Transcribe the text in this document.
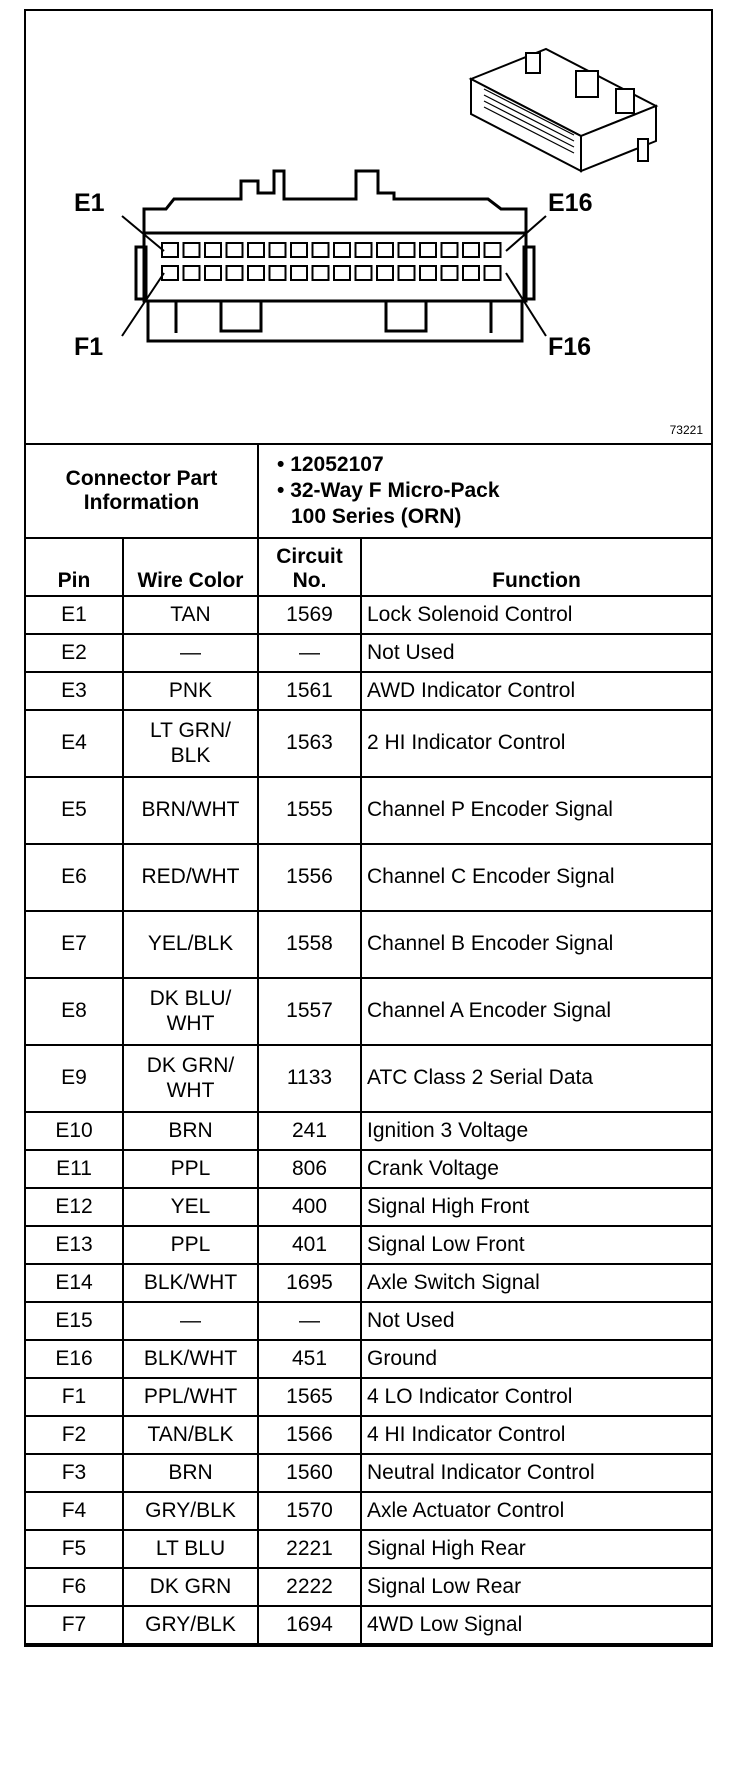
E1	E16
F1	F16
73221
Connector Part Information	
• 12052107
• 32-Way F Micro-Pack
100 Series (ORN)
Pin	Wire Color	Circuit No.	Function
E1	TAN	1569	Lock Solenoid Control
E2	—	—	Not Used
E3	PNK	1561	AWD Indicator Control
E4	LT GRN/ BLK	1563	2 HI Indicator Control
E5	BRN/WHT	1555	Channel P Encoder Signal
E6	RED/WHT	1556	Channel C Encoder Signal
E7	YEL/BLK	1558	Channel B Encoder Signal
E8	DK BLU/ WHT	1557	Channel A Encoder Signal
E9	DK GRN/ WHT	1133	ATC Class 2 Serial Data
E10	BRN	241	Ignition 3 Voltage
E11	PPL	806	Crank Voltage
E12	YEL	400	Signal High Front
E13	PPL	401	Signal Low Front
E14	BLK/WHT	1695	Axle Switch Signal
E15	—	—	Not Used
E16	BLK/WHT	451	Ground
F1	PPL/WHT	1565	4 LO Indicator Control
F2	TAN/BLK	1566	4 HI Indicator Control
F3	BRN	1560	Neutral Indicator Control
F4	GRY/BLK	1570	Axle Actuator Control
F5	LT BLU	2221	Signal High Rear
F6	DK GRN	2222	Signal Low Rear
F7	GRY/BLK	1694	4WD Low Signal
